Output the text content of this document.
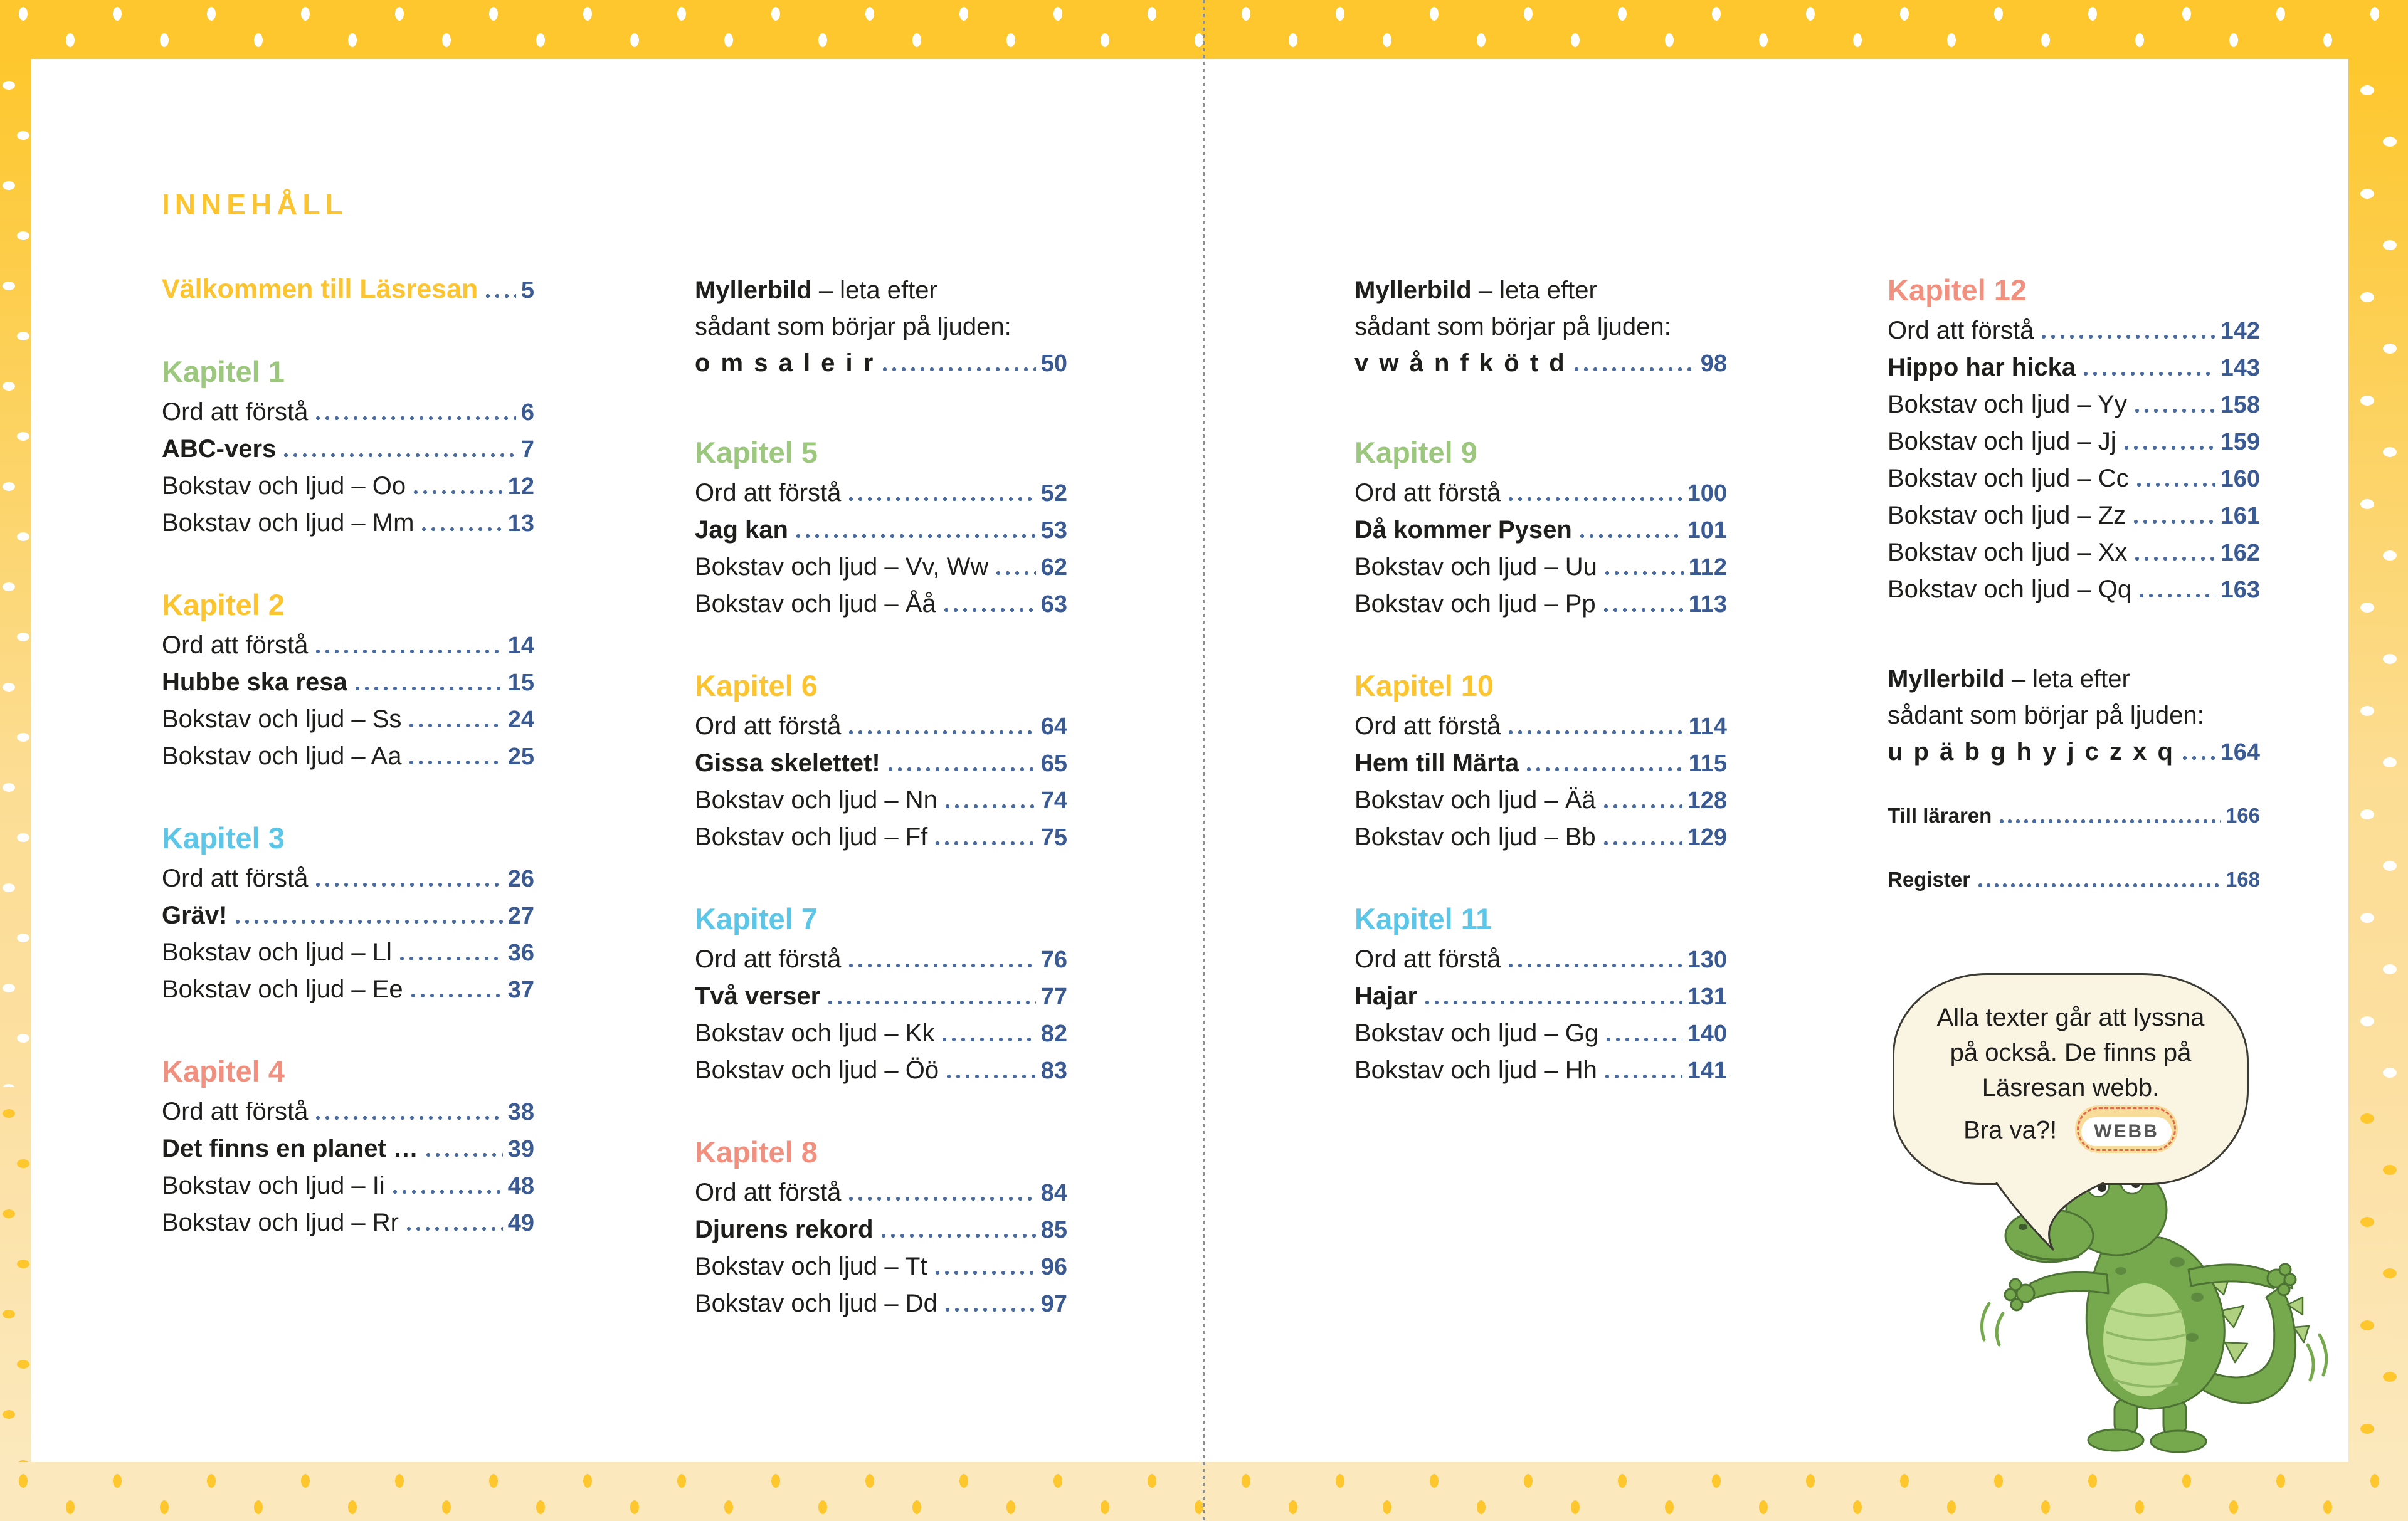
INNEHÅLL
Välkommen till Läsresan 5
Kapitel 1
Ord att förstå	6
ABC-vers	7
Bokstav och ljud – Oo	12
Bokstav och ljud – Mm	13
Kapitel 2
Ord att förstå	14
Hubbe ska resa	15
Bokstav och ljud – Ss	24
Bokstav och ljud – Aa	25
Kapitel 3
Ord att förstå	26
Gräv!	27
Bokstav och ljud – Ll	36
Bokstav och ljud – Ee	37
Kapitel 4
Ord att förstå	38
Det finns en planet …	39
Bokstav och ljud – Ii	48
Bokstav och ljud – Rr	49
Myllerbild – leta efter
sådant som börjar på ljuden:
o m s a l e i r	50
Kapitel 5
Ord att förstå	52
Jag kan	53
Bokstav och ljud – Vv, Ww 62
Bokstav och ljud – Åå	63
Kapitel 6
Ord att förstå	64
Gissa skelettet!	65
Bokstav och ljud – Nn	74
Bokstav och ljud – Ff	75
Kapitel 7
Ord att förstå	76
Två verser	77
Bokstav och ljud – Kk	82
Bokstav och ljud – Öö	83
Kapitel 8
Ord att förstå	84
Djurens rekord	85
Bokstav och ljud – Tt	96
Bokstav och ljud – Dd	97
Myllerbild – leta efter
sådant som börjar på ljuden:
v w å n f k ö t d	98
Kapitel 9
Ord att förstå	100
Då kommer Pysen	101
Bokstav och ljud – Uu	112
Bokstav och ljud – Pp	113
Kapitel 10
Ord att förstå	114
Hem till Märta	115
Bokstav och ljud – Ää	128
Bokstav och ljud – Bb	129
Kapitel 11
Ord att förstå	130
Hajar	131
Bokstav och ljud – Gg	140
Bokstav och ljud – Hh	141
Kapitel 12
Ord att förstå	142
Hippo har hicka	143
Bokstav och ljud – Yy	158
Bokstav och ljud – Jj	159
Bokstav och ljud – Cc	160
Bokstav och ljud – Zz	161
Bokstav och ljud – Xx	162
Bokstav och ljud – Qq	163
Myllerbild – leta efter
sådant som börjar på ljuden:
u p ä b g h y j c z x q 164
Till läraren	166
Register	168
Alla texter går att lyssna
på också. De finns på
Läsresan webb.
Bra va?! WEBB
